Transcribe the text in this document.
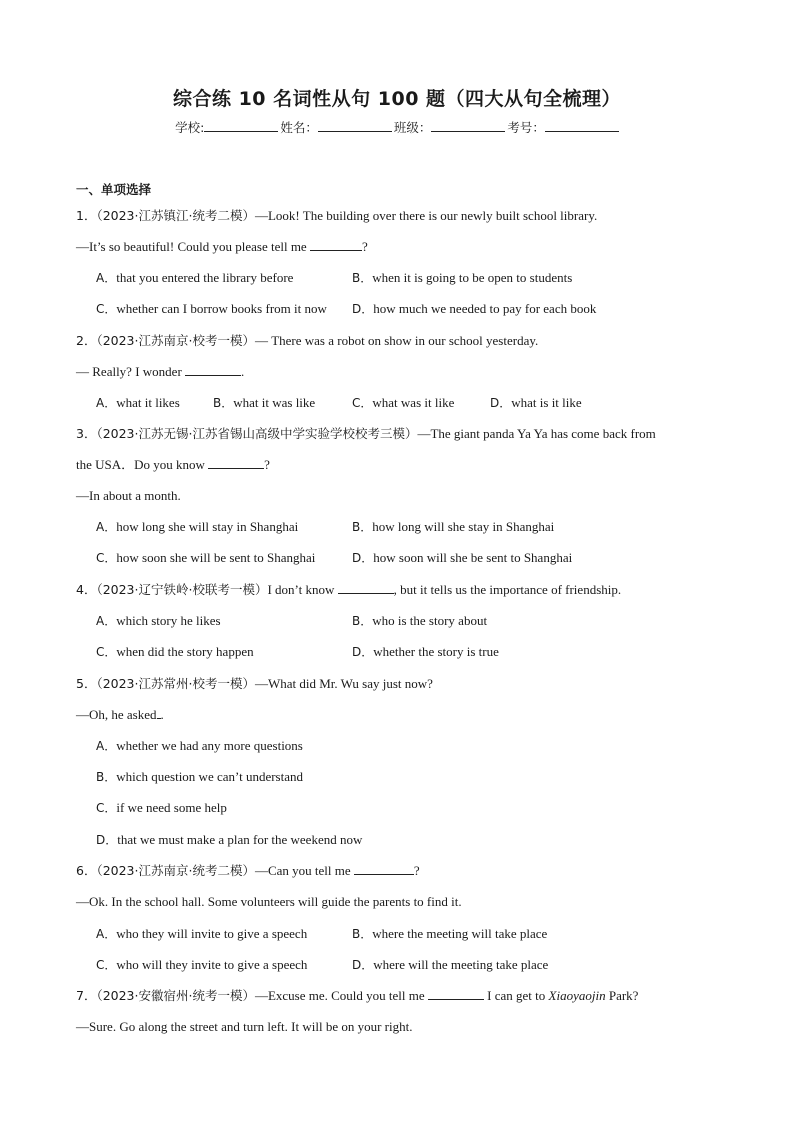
综合练 10 名词性从句 100 题（四大从句全梳理）
学校:	姓名：	班级：	考号：
一、单项选择
1．（2023·江苏镇江·统考二模）—Look! The building over there is our newly built school library.
—It’s so beautiful! Could you please tell me	?
A．that you entered the library before	B．when it is going to be open to students
C．whether can I borrow books from it now D．how much we needed to pay for each book
2．（2023·江苏南京·校考一模）— There was a robot on show in our school yesterday.
— Really? I wonder	.
A．what it likes	B．what it was like	C．what was it like	D．what is it like
3．（2023·江苏无锡·江苏省锡山高级中学实验学校校考三模）—The giant panda Ya Ya has come back from
the USA．Do you know	?
—In about a month.
A．how long she will stay in Shanghai	B．how long will she stay in Shanghai
C．how soon she will be sent to Shanghai	D．how soon will she be sent to Shanghai
4．（2023·辽宁铁岭·校联考一模）I don’t know	, but it tells us the importance of friendship.
A．which story he likes	B．who is the story about
C．when did the story happen	D．whether the story is true
5．（2023·江苏常州·校考一模）—What did Mr. Wu say just now?
—Oh, he asked .
A．whether we had any more questions
B．which question we can’t understand
C．if we need some help
D．that we must make a plan for the weekend now
6．（2023·江苏南京·统考二模）—Can you tell me	?
—Ok. In the school hall. Some volunteers will guide the parents to find it.
A．who they will invite to give a speech	B．where the meeting will take place
C．who will they invite to give a speech	D．where will the meeting take place
7．（2023·安徽宿州·统考一模）—Excuse me. Could you tell me	I can get to Xiaoyaojin Park?
—Sure. Go along the street and turn left. It will be on your right.
